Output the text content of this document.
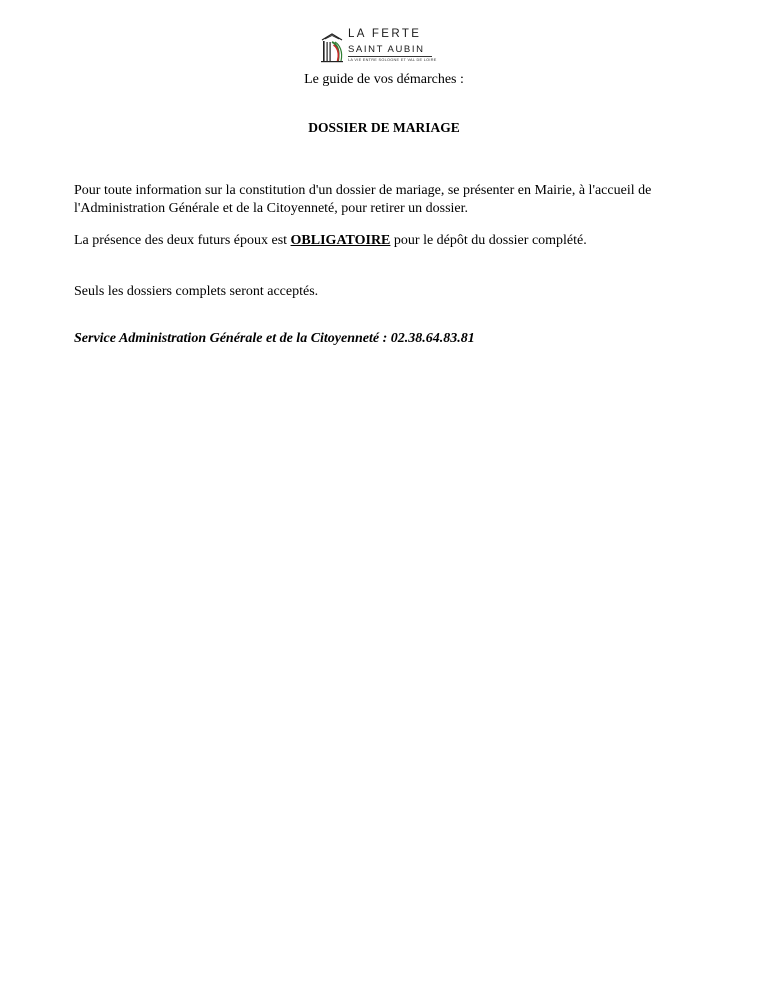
LA FERTE
SAINT AUBIN
LA VIE ENTRE SOLOGNE ET VAL DE LOIRE
Le guide de vos démarches :
DOSSIER DE MARIAGE
Pour toute information sur la constitution d'un dossier de mariage, se présenter en Mairie, à l'accueil de l'Administration Générale et de la Citoyenneté, pour retirer un dossier.
La présence des deux futurs époux est OBLIGATOIRE pour le dépôt du dossier complété.
Seuls les dossiers complets seront acceptés.
Service Administration Générale et de la Citoyenneté : 02.38.64.83.81
